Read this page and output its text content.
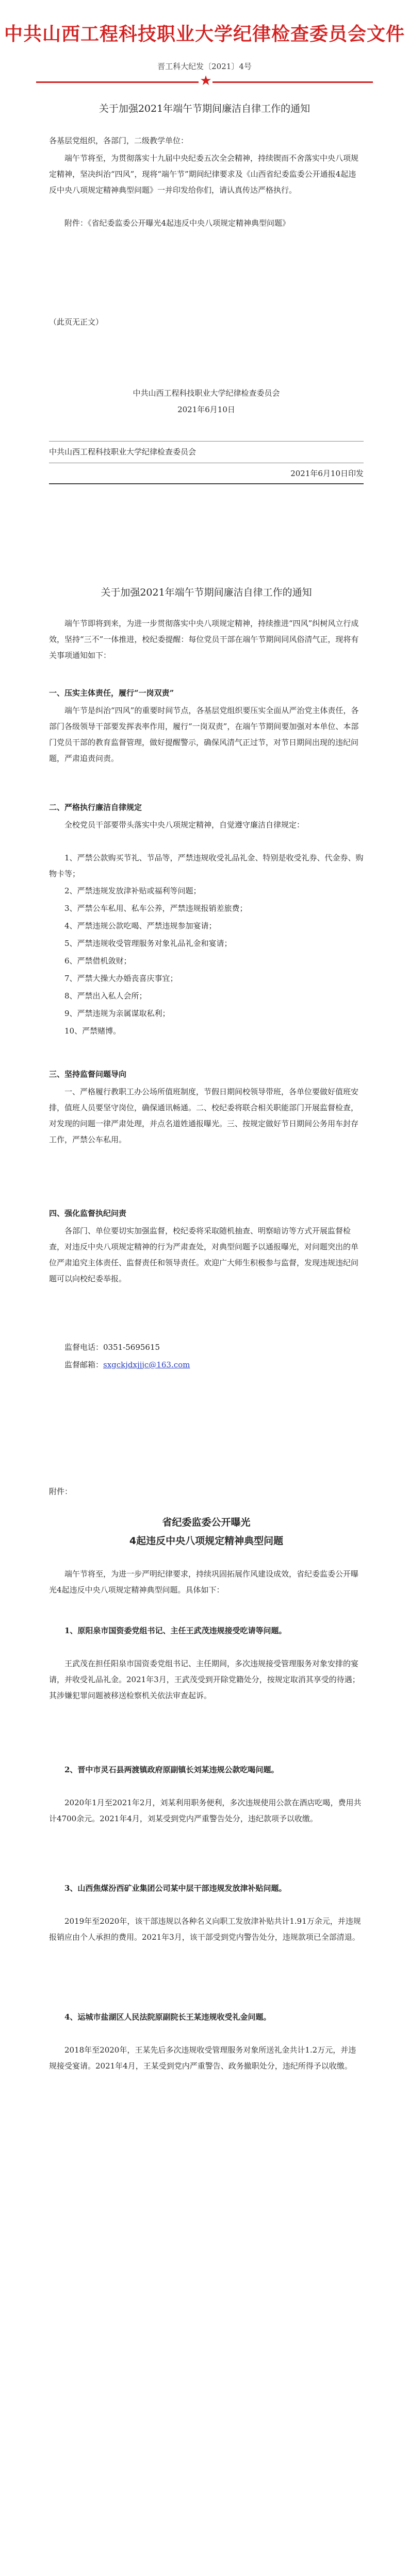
中共山西工程科技职业大学纪律检查委员会文件
晋工科大纪发〔2021〕4号
★
关于加强2021年端午节期间廉洁自律工作的通知

各基层党组织，各部门，二级教学单位：

端午节将至，为贯彻落实十九届中央纪委五次全会精神，持续锲而不舍落实中央八项规定精神，坚决纠治“四风”，现将“端午节”期间纪律要求及《山西省纪委监委公开通报4起违反中央八项规定精神典型问题》一并印发给你们，请认真传达严格执行。

附件：《省纪委监委公开曝光4起违反中央八项规定精神典型问题》

（此页无正文）

中共山西工程科技职业大学纪律检查委员会

2021年6月10日

中共山西工程科技职业大学纪律检查委员会

2021年6月10日印发

关于加强2021年端午节期间廉洁自律工作的通知

端午节即将到来，为进一步贯彻落实中央八项规定精神，持续推进“四风”纠树风立行成效，坚持“三不”一体推进，校纪委提醒：每位党员干部在端午节期间同风俗清气正，现将有关事项通知如下：

一、压实主体责任，履行“一岗双责”

端午节是纠治“四风”的重要时间节点，各基层党组织要压实全面从严治党主体责任，各部门各级领导干部要发挥表率作用，履行“一岗双责”，在端午节期间要加强对本单位、本部门党员干部的教育监督管理，做好提醒警示，确保风清气正过节，对节日期间出现的违纪问题，严肃追责问责。

二、严格执行廉洁自律规定

全校党员干部要带头落实中央八项规定精神，自觉遵守廉洁自律规定：

1、严禁公款购买节礼、节品等，严禁违规收受礼品礼金、特别是收受礼券、代金券、购物卡等；

2、严禁违规发放津补贴或福利等问题；

3、严禁公车私用、私车公养，严禁违规报销差旅费；

4、严禁违规公款吃喝、严禁违规参加宴请；

5、严禁违规收受管理服务对象礼品礼金和宴请；

6、严禁借机敛财；

7、严禁大操大办婚丧喜庆事宜；

8、严禁出入私人会所；

9、严禁违规为亲属谋取私利；

10、严禁赌博。

三、坚持监督问题导向

一、严格履行教职工办公场所值班制度，节假日期间校领导带班，各单位要做好值班安排，值班人员要坚守岗位，确保通讯畅通。二、校纪委将联合相关职能部门开展监督检查，对发现的问题一律严肃处理，并点名道姓通报曝光。三、按规定做好节日期间公务用车封存工作，严禁公车私用。

四、强化监督执纪问责

各部门、单位要切实加强监督，校纪委将采取随机抽查、明察暗访等方式开展监督检查，对违反中央八项规定精神的行为严肃查处，对典型问题予以通报曝光，对问题突出的单位严肃追究主体责任、监督责任和领导责任。欢迎广大师生积极参与监督，发现违规违纪问题可以向校纪委举报。

监督电话：0351-5695615

监督邮箱：sxgckjdxjjjc@163.com

附件：

省纪委监委公开曝光
4起违反中央八项规定精神典型问题

端午节将至，为进一步严明纪律要求，持续巩固拓展作风建设成效，省纪委监委公开曝光4起违反中央八项规定精神典型问题。具体如下：

1、原阳泉市国资委党组书记、主任王武茂违规接受吃请等问题。

王武茂在担任阳泉市国资委党组书记、主任期间，多次违规接受管理服务对象安排的宴请，并收受礼品礼金。2021年3月，王武茂受到开除党籍处分，按规定取消其享受的待遇；其涉嫌犯罪问题被移送检察机关依法审查起诉。

2、晋中市灵石县两渡镇政府原副镇长刘某违规公款吃喝问题。

2020年1月至2021年2月，刘某利用职务便利，多次违规使用公款在酒店吃喝，费用共计4700余元。2021年4月，刘某受到党内严重警告处分，违纪款项予以收缴。

3、山西焦煤汾西矿业集团公司某中层干部违规发放津补贴问题。

2019年至2020年，该干部违规以各种名义向职工发放津补贴共计1.91万余元，并违规报销应由个人承担的费用。2021年3月，该干部受到党内警告处分，违规款项已全部清退。

4、运城市盐湖区人民法院原副院长王某违规收受礼金问题。

2018年至2020年，王某先后多次违规收受管理服务对象所送礼金共计1.2万元，并违规接受宴请。2021年4月，王某受到党内严重警告、政务撤职处分，违纪所得予以收缴。
